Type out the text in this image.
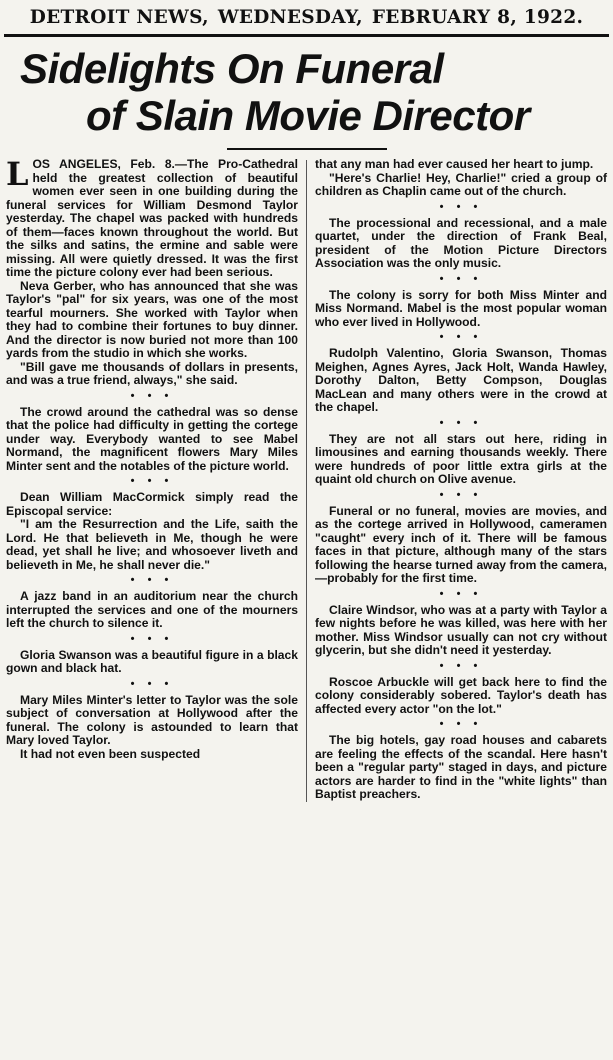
DETROIT NEWS, WEDNESDAY, FEBRUARY 8, 1922.
Sidelights On Funeral
of Slain Movie Director

LOS ANGELES, Feb. 8.—The Pro-Cathedral held the greatest collection of beautiful women ever seen in one building during the funeral services for William Desmond Taylor yesterday. The chapel was packed with hundreds of them—faces known throughout the world. But the silks and satins, the ermine and sable were missing. All were quietly dressed. It was the first time the picture colony ever had been serious.

Neva Gerber, who has announced that she was Taylor's "pal" for six years, was one of the most tearful mourners. She worked with Taylor when they had to combine their fortunes to buy dinner. And the director is now buried not more than 100 yards from the studio in which she works.

"Bill gave me thousands of dollars in presents, and was a true friend, always," she said.

• • •

The crowd around the cathedral was so dense that the police had difficulty in getting the cortege under way. Everybody wanted to see Mabel Normand, the magnificent flowers Mary Miles Minter sent and the notables of the picture world.

• • •

Dean William MacCormick simply read the Episcopal service:

"I am the Resurrection and the Life, saith the Lord. He that believeth in Me, though he were dead, yet shall he live; and whosoever liveth and believeth in Me, he shall never die."

• • •

A jazz band in an auditorium near the church interrupted the services and one of the mourners left the church to silence it.

• • •

Gloria Swanson was a beautiful figure in a black gown and black hat.

• • •

Mary Miles Minter's letter to Taylor was the sole subject of conversation at Hollywood after the funeral. The colony is astounded to learn that Mary loved Taylor.

It had not even been suspected

that any man had ever caused her heart to jump.

"Here's Charlie! Hey, Charlie!" cried a group of children as Chaplin came out of the church.

• • •

The processional and recessional, and a male quartet, under the direction of Frank Beal, president of the Motion Picture Directors Association was the only music.

• • •

The colony is sorry for both Miss Minter and Miss Normand. Mabel is the most popular woman who ever lived in Hollywood.

• • •

Rudolph Valentino, Gloria Swanson, Thomas Meighen, Agnes Ayres, Jack Holt, Wanda Hawley, Dorothy Dalton, Betty Compson, Douglas MacLean and many others were in the crowd at the chapel.

• • •

They are not all stars out here, riding in limousines and earning thousands weekly. There were hundreds of poor little extra girls at the quaint old church on Olive avenue.

• • •

Funeral or no funeral, movies are movies, and as the cortege arrived in Hollywood, cameramen "caught" every inch of it. There will be famous faces in that picture, although many of the stars following the hearse turned away from the camera,—probably for the first time.

• • •

Claire Windsor, who was at a party with Taylor a few nights before he was killed, was here with her mother. Miss Windsor usually can not cry without glycerin, but she didn't need it yesterday.

• • •

Roscoe Arbuckle will get back here to find the colony considerably sobered. Taylor's death has affected every actor "on the lot."

• • •

The big hotels, gay road houses and cabarets are feeling the effects of the scandal. Here hasn't been a "regular party" staged in days, and picture actors are harder to find in the "white lights" than Baptist preachers.
